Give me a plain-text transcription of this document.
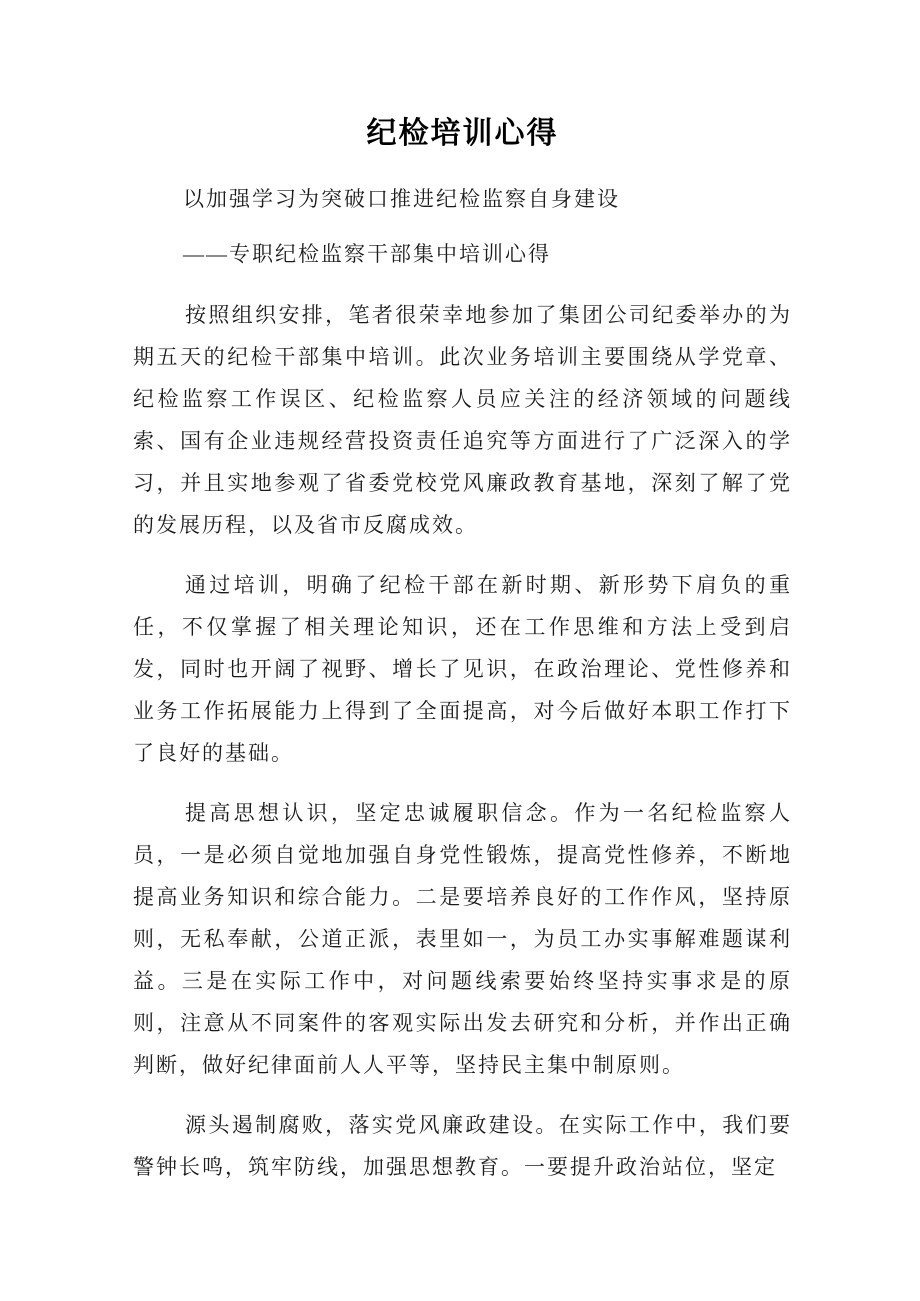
纪检培训心得

以加强学习为突破口推进纪检监察自身建设

——专职纪检监察干部集中培训心得

按照组织安排，笔者很荣幸地参加了集团公司纪委举办的为期五天的纪检干部集中培训。此次业务培训主要围绕从学党章、纪检监察工作误区、纪检监察人员应关注的经济领域的问题线索、国有企业违规经营投资责任追究等方面进行了广泛深入的学习，并且实地参观了省委党校党风廉政教育基地，深刻了解了党的发展历程，以及省市反腐成效。

通过培训，明确了纪检干部在新时期、新形势下肩负的重任，不仅掌握了相关理论知识，还在工作思维和方法上受到启发，同时也开阔了视野、增长了见识，在政治理论、党性修养和业务工作拓展能力上得到了全面提高，对今后做好本职工作打下了良好的基础。

提高思想认识，坚定忠诚履职信念。作为一名纪检监察人员，一是必须自觉地加强自身党性锻炼，提高党性修养，不断地提高业务知识和综合能力。二是要培养良好的工作作风，坚持原则，无私奉献，公道正派，表里如一，为员工办实事解难题谋利益。三是在实际工作中，对问题线索要始终坚持实事求是的原则，注意从不同案件的客观实际出发去研究和分析，并作出正确判断，做好纪律面前人人平等，坚持民主集中制原则。

源头遏制腐败，落实党风廉政建设。在实际工作中，我们要警钟长鸣，筑牢防线，加强思想教育。一要提升政治站位，坚定
